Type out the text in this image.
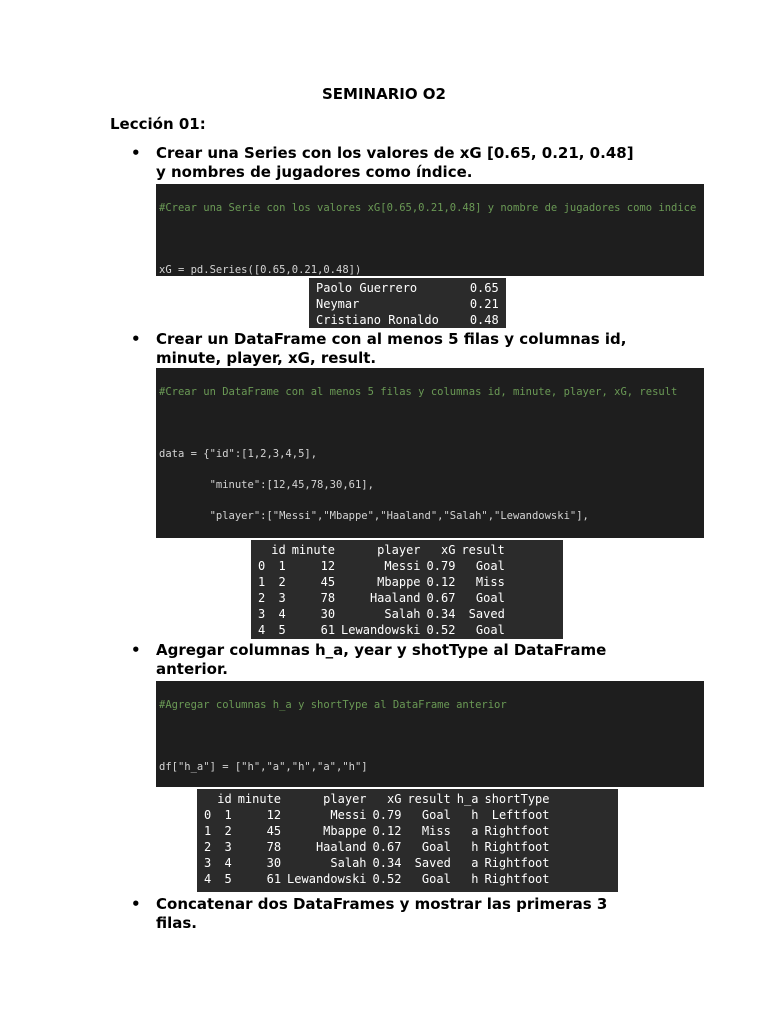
SEMINARIO O2
Lección 01:
• Crear una Series con los valores de xG [0.65, 0.21, 0.48]
y nombres de jugadores como índice.

#Crear una Serie con los valores xG[0.65,0.21,0.48] y nombre de jugadores como indice

xG = pd.Series([0.65,0.21,0.48])

Paolo Guerrero	0.65
Neymar	0.21
Cristiano Ronaldo	0.48
• Crear un DataFrame con al menos 5 filas y columnas id,
minute, player, xG, result.

#Crear un DataFrame con al menos 5 filas y columnas id, minute, player, xG, result

data = {"id":[1,2,3,4,5],

"minute":[12,45,78,30,61],

"player":["Messi","Mbappe","Haaland","Salah","Lewandowski"],

	id	minute	player	xG	result
0	1	12	Messi	0.79	Goal
1	2	45	Mbappe	0.12	Miss
2	3	78	Haaland	0.67	Goal
3	4	30	Salah	0.34	Saved
4	5	61	Lewandowski	0.52	Goal
• Agregar columnas h_a, year y shotType al DataFrame
anterior.

#Agregar columnas h_a y shortType al DataFrame anterior

df["h_a"] = ["h","a","h","a","h"]

	id	minute	player	xG	result	h_a	shortType
0	1	12	Messi	0.79	Goal	h	Leftfoot
1	2	45	Mbappe	0.12	Miss	a	Rightfoot
2	3	78	Haaland	0.67	Goal	h	Rightfoot
3	4	30	Salah	0.34	Saved	a	Rightfoot
4	5	61	Lewandowski	0.52	Goal	h	Rightfoot
• Concatenar dos DataFrames y mostrar las primeras 3
filas.
